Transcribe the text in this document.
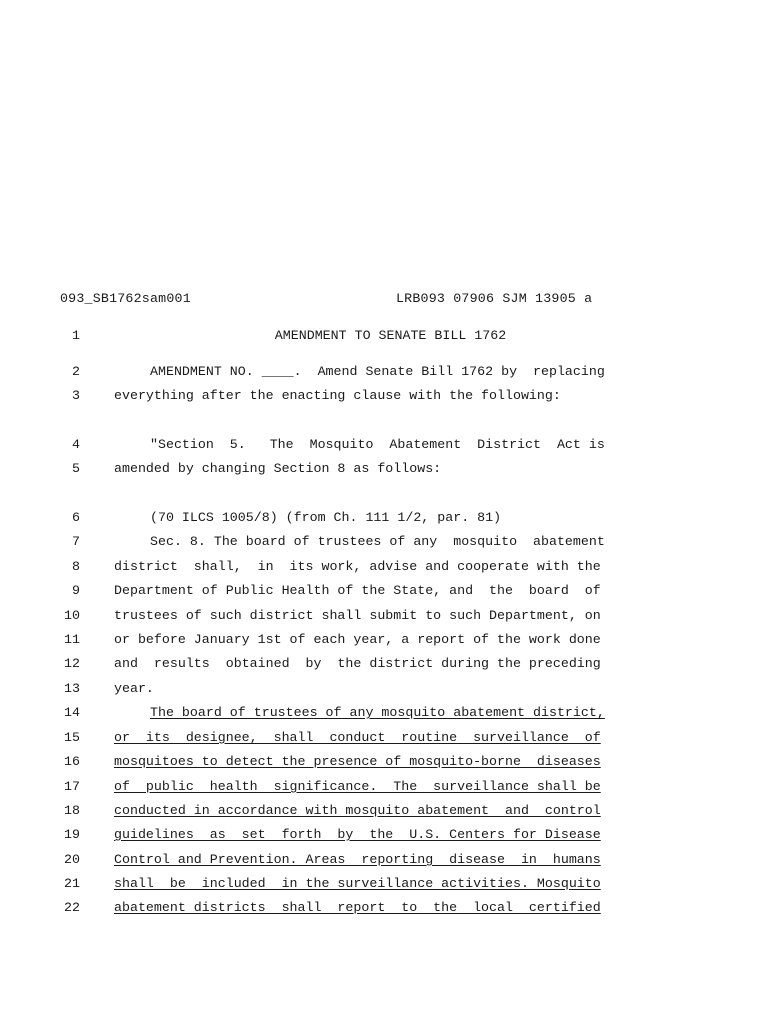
093_SB1762sam001	LRB093 07906 SJM 13905 a
1	AMENDMENT TO SENATE BILL 1762
2	AMENDMENT NO. ____.  Amend Senate Bill 1762 by  replacing
3	everything after the enacting clause with the following:
4	"Section  5.   The  Mosquito  Abatement  District  Act is
5	amended by changing Section 8 as follows:
6	(70 ILCS 1005/8) (from Ch. 111 1/2, par. 81)
7	Sec. 8. The board of trustees of any  mosquito  abatement
8	district  shall,  in  its work, advise and cooperate with the
9	Department of Public Health of the State, and  the  board  of
10	trustees of such district shall submit to such Department, on
11	or before January 1st of each year, a report of the work done
12	and  results  obtained  by  the district during the preceding
13	year.
14	The board of trustees of any mosquito abatement district,
15	or  its  designee,  shall  conduct  routine  surveillance  of
16	mosquitoes to detect the presence of mosquito-borne  diseases
17	of  public  health  significance.  The  surveillance shall be
18	conducted in accordance with mosquito abatement  and  control
19	guidelines  as  set  forth  by  the  U.S. Centers for Disease
20	Control and Prevention. Areas  reporting  disease  in  humans
21	shall  be  included  in the surveillance activities. Mosquito
22	abatement districts  shall  report  to  the  local  certified
